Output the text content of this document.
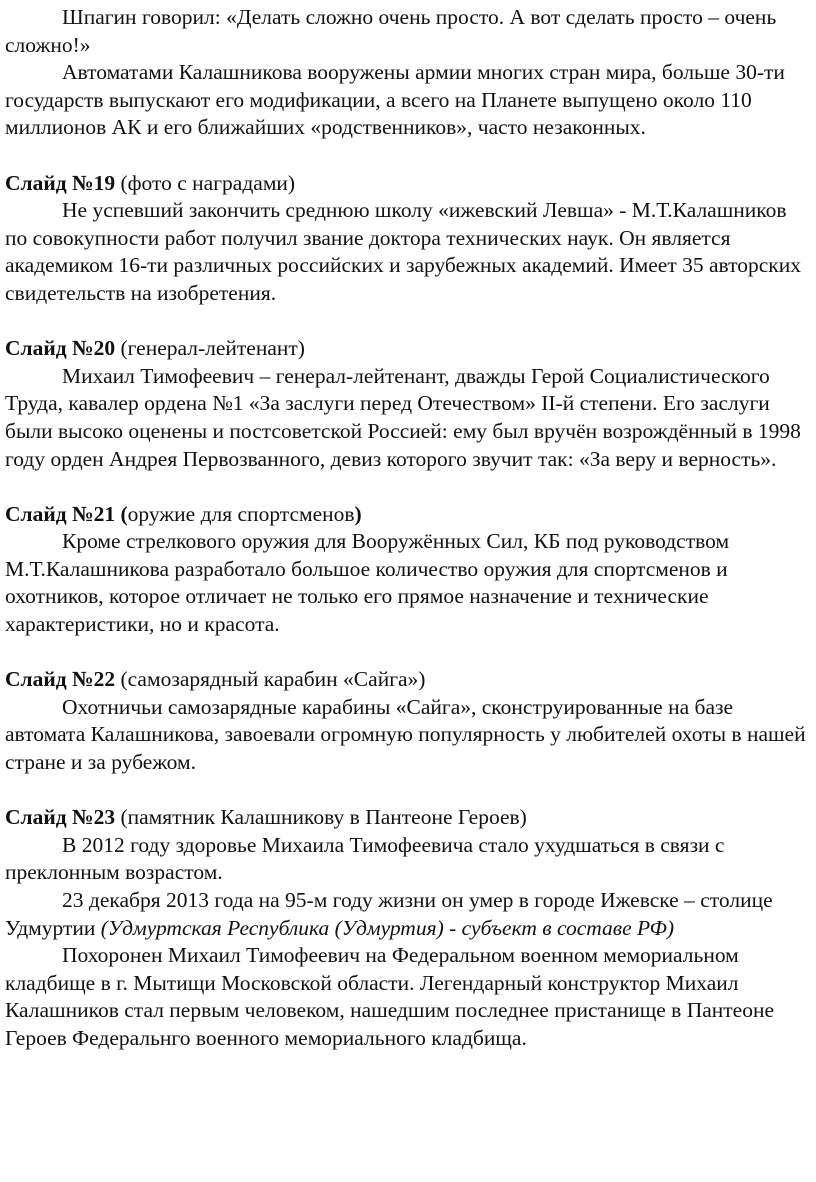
Шпагин говорил: «Делать сложно очень просто. А вот сделать просто – очень сложно!»

Автоматами Калашникова вооружены армии многих стран мира, больше 30-ти государств выпускают его модификации, а всего на Планете выпущено около 110 миллионов АК и его ближайших «родственников», часто незаконных.

Слайд №19 (фото с наградами)

Не успевший закончить среднюю школу «ижевский Левша» - М.Т.Калашников по совокупности работ получил звание доктора технических наук. Он является академиком 16-ти различных российских и зарубежных академий. Имеет 35 авторских свидетельств на изобретения.

Слайд №20 (генерал-лейтенант)

Михаил Тимофеевич – генерал-лейтенант, дважды Герой Социалистического Труда, кавалер ордена №1 «За заслуги перед Отечеством» II-й степени. Его заслуги были высоко оценены и постсоветской Россией: ему был вручён возрождённый в 1998 году орден Андрея Первозванного, девиз которого звучит так: «За веру и верность».

Слайд №21 (оружие для спортсменов)

Кроме стрелкового оружия для Вооружённых Сил, КБ под руководством М.Т.Калашникова разработало большое количество оружия для спортсменов и охотников, которое отличает не только его прямое назначение и технические характеристики, но и красота.

Слайд №22 (самозарядный карабин «Сайга»)

Охотничьи самозарядные карабины «Сайга», сконструированные на базе автомата Калашникова, завоевали огромную популярность у любителей охоты в нашей стране и за рубежом.

Слайд №23 (памятник Калашникову в Пантеоне Героев)

В 2012 году здоровье Михаила Тимофеевича стало ухудшаться в связи с преклонным возрастом.

23 декабря 2013 года на 95-м году жизни он умер в городе Ижевске – столице Удмуртии (Удмуртская Республика (Удмуртия) - субъект в составе РФ)

Похоронен Михаил Тимофеевич на Федеральном военном мемориальном кладбище в г. Мытищи Московской области. Легендарный конструктор Михаил Калашников стал первым человеком, нашедшим последнее пристанище в Пантеоне Героев Федеральнго военного мемориального кладбища.
